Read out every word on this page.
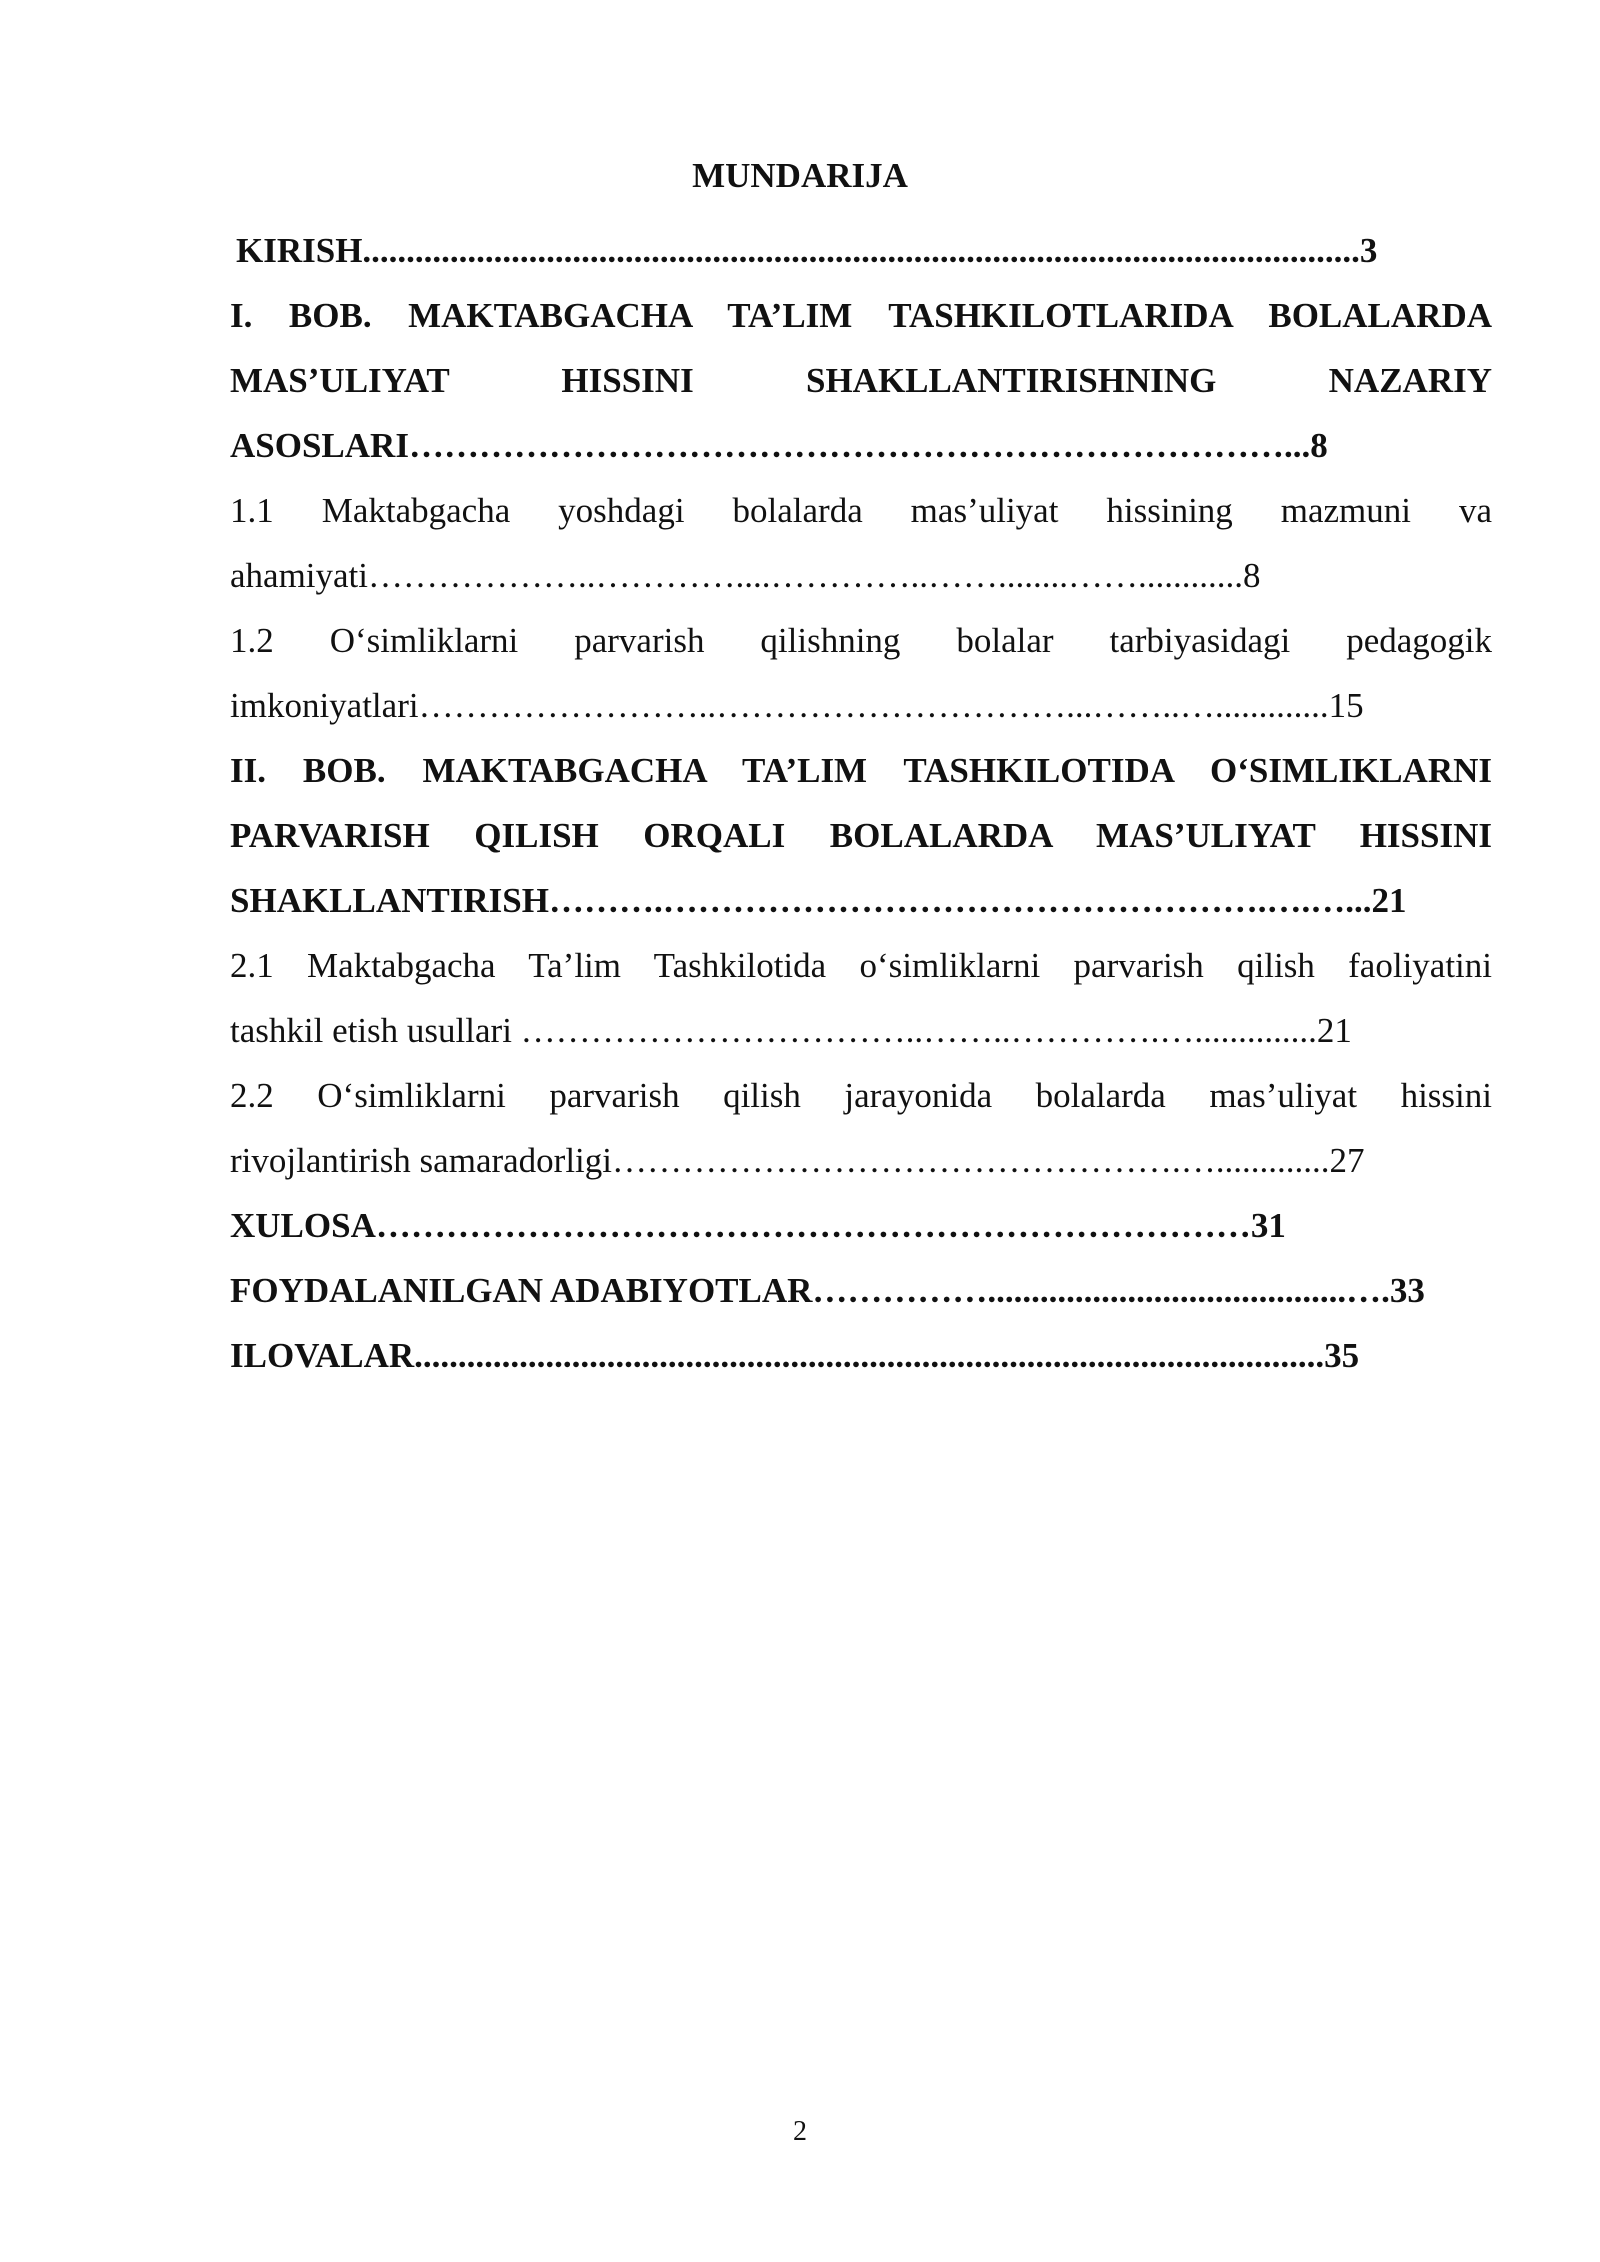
MUNDARIJA
KIRISH..................................................................................................................3
I. BOB. MAKTABGACHA TA’LIM TASHKILOTLARIDA BOLALARDA
MAS’ULIYAT HISSINI SHAKLLANTIRISHNING NAZARIY
ASOSLARI…………………………………………………………………...8
1.1 Maktabgacha yoshdagi bolalarda mas’uliyat hissining mazmuni va
ahamiyati………………..…………....…………..……........……............8
1.2 O‘simliklarni parvarish qilishning bolalar tarbiyasidagi pedagogik
imkoniyatlari……………………..…………………………...……..….............15
II. BOB. MAKTABGACHA TA’LIM TASHKILOTIDA O‘SIMLIKLARNI
PARVARISH QILISH ORQALI BOLALARDA MAS’ULIYAT HISSINI
SHAKLLANTIRISH……….…………………………………………….….…...21
2.1 Maktabgacha Ta’lim Tashkilotida o‘simliklarni parvarish qilish faoliyatini
tashkil etish usullari ……………………………..……..………….…..............21
2.2 O‘simliklarni parvarish qilish jarayonida bolalarda mas’uliyat hissini
rivojlantirish samaradorligi………………………………………….….............27
XULOSA…………………………………………………………………31
FOYDALANILGAN ADABIYOTLAR…………….........................................….33
ILOVALAR........................................................................................................35
2
